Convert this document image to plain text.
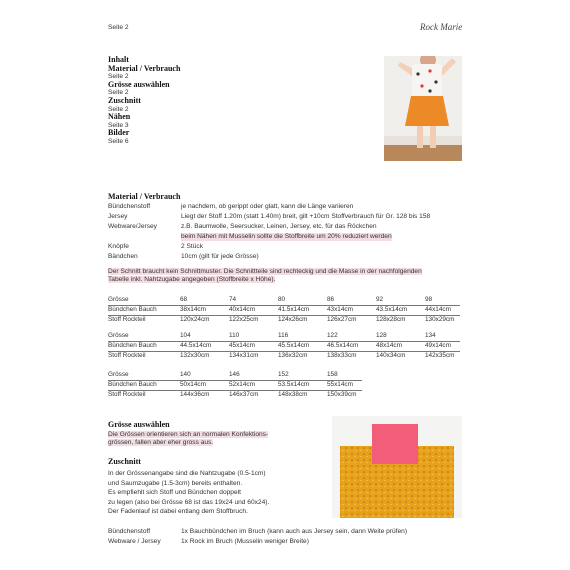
Seite 2	Rock Marie
Inhalt
Material / Verbrauch
Seite 2
Grösse auswählen
Seite 2
Zuschnitt
Seite 2
Nähen
Seite 3
Bilder
Seite 6
Material / Verbrauch
Bündchenstoff	je nachdem, ob gerippt oder glatt, kann die Länge variieren
Jersey	Liegt der Stoff 1.20m (statt 1.40m) breit, gilt +10cm Stoffverbrauch für Gr. 128 bis 158
Webware/Jersey	z.B. Baumwolle, Seersucker, Leinen, Jersey, etc. für das Röckchen
beim Nähen mit Musselin sollte die Stoffbreite um 20% reduziert werden
Knöpfe	2 Stück
Bändchen	10cm (gilt für jede Grösse)
Der Schnitt braucht kein Schnittmuster. Die Schnittteile sind rechteckig und die Masse in der nachfolgenden
Tabelle inkl. Nahtzugabe angegeben (Stoffbreite x Höhe).
Grösse	68	74	80	86	92	98
Bündchen Bauch	38x14cm	40x14cm	41.5x14cm	43x14cm	43.5x14cm	44x14cm
Stoff Rockteil	120x24cm	122x25cm	124x26cm	126x27cm	128x28cm	130x29cm
Grösse	104	110	116	122	128	134
Bündchen Bauch	44.5x14cm	45x14cm	45.5x14cm	46.5x14cm	48x14cm	49x14cm
Stoff Rockteil	132x30cm	134x31cm	136x32cm	138x33cm	140x34cm	142x35cm
Grösse	140	146	152	158
Bündchen Bauch	50x14cm	52x14cm	53.5x14cm	55x14cm
Stoff Rockteil	144x36cm	146x37cm	148x38cm	150x39cm
Grösse auswählen
Die Grössen orientieren sich an normalen Konfektions-
grössen, fallen aber eher gross aus.
Zuschnitt
In der Grössenangabe sind die Nahtzugabe (0.5-1cm)
und Saumzugabe (1.5-3cm) bereits enthalten.
Es empfiehlt sich Stoff und Bündchen doppelt
zu legen (also bei Grösse 68 ist das 19x24 und 60x24).
Der Fadenlauf ist dabei entlang dem Stoffbruch.
Bündchenstoff	1x Bauchbündchen im Bruch (kann auch aus Jersey sein, dann Weite prüfen)
Webware / Jersey	1x Rock im Bruch (Musselin weniger Breite)
